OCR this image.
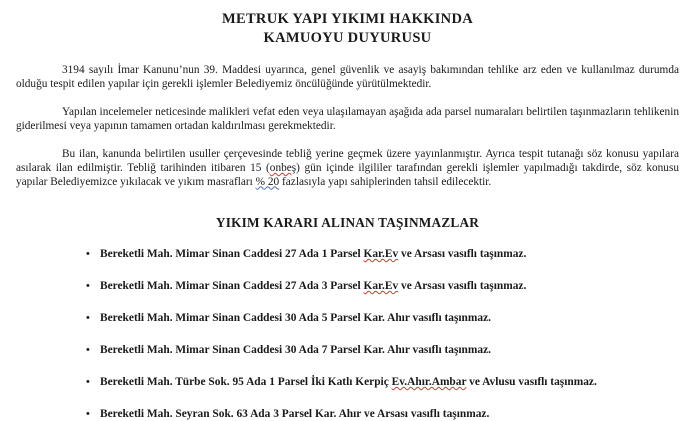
METRUK YAPI YIKIMI HAKKINDA
KAMUOYU DUYURUSU

3194 sayılı İmar Kanunu’nun 39. Maddesi uyarınca, genel güvenlik ve asayiş bakımından tehlike arz eden ve kullanılmaz durumda olduğu tespit edilen yapılar için gerekli işlemler Belediyemiz öncülüğünde yürütülmektedir.

Yapılan incelemeler neticesinde malikleri vefat eden veya ulaşılamayan aşağıda ada parsel numaraları belirtilen taşınmazların tehlikenin giderilmesi veya yapının tamamen ortadan kaldırılması gerekmektedir.

Bu ilan, kanunda belirtilen usuller çerçevesinde tebliğ yerine geçmek üzere yayınlanmıştır. Ayrıca tespit tutanağı söz konusu yapılara asılarak ilan edilmiştir. Tebliğ tarihinden itibaren 15 (onbeş) gün içinde ilgililer tarafından gerekli işlemler yapılmadığı takdirde, söz konusu yapılar Belediyemizce yıkılacak ve yıkım masrafları % 20 fazlasıyla yapı sahiplerinden tahsil edilecektir.

YIKIM KARARI ALINAN TAŞINMAZLAR
• Bereketli Mah. Mimar Sinan Caddesi 27 Ada 1 Parsel Kar.Ev ve Arsası vasıflı taşınmaz.
• Bereketli Mah. Mimar Sinan Caddesi 27 Ada 3 Parsel Kar.Ev ve Arsası vasıflı taşınmaz.
• Bereketli Mah. Mimar Sinan Caddesi 30 Ada 5 Parsel Kar. Ahır vasıflı taşınmaz.
• Bereketli Mah. Mimar Sinan Caddesi 30 Ada 7 Parsel Kar. Ahır vasıflı taşınmaz.
• Bereketli Mah. Türbe Sok. 95 Ada 1 Parsel İki Katlı Kerpiç Ev.Ahır.Ambar ve Avlusu vasıflı taşınmaz.
• Bereketli Mah. Seyran Sok. 63 Ada 3 Parsel Kar. Ahır ve Arsası vasıflı taşınmaz.
